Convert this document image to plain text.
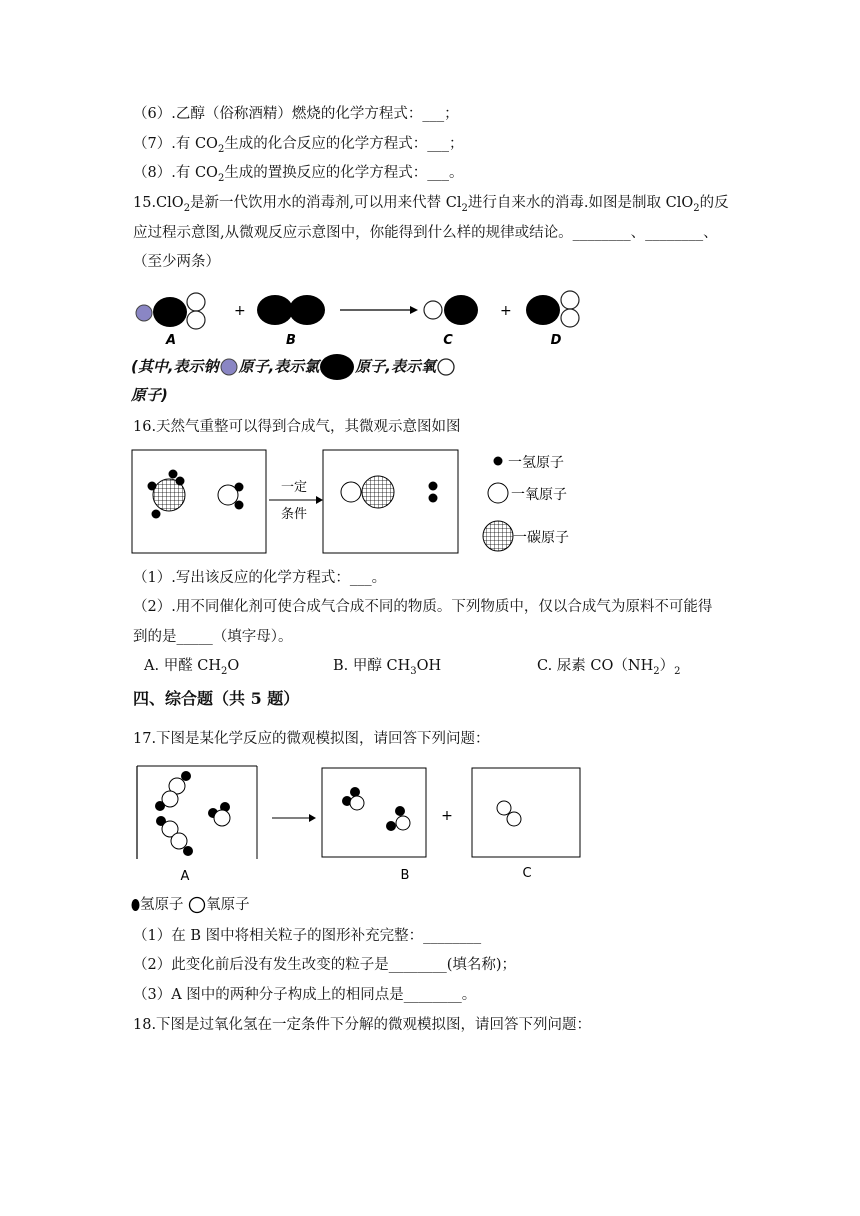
（6）.乙醇（俗称酒精）燃烧的化学方程式：___；
（7）.有 $CO_2$生成的化合反应的化学方程式：___；
（8）.有 $CO_2$生成的置换反应的化学方程式：___。
15.ClO$_2$是新一代饮用水的消毒剂,可以用来代替 $Cl_2$进行自来水的消毒.如图是制取 ClO$_2$的反
应过程示意图,从微观反应示意图中，你能得到什么样的规律或结论。________、________、
（至少两条）
+	+
A	B	C	D
(其中,表示钠 原子,表示氯 原子,表示氧
原子)
16.天然气重整可以得到合成气，其微观示意图如图
一定
条件
一氢原子
一氧原子
一碳原子
（1）.写出该反应的化学方程式：___。
（2）.用不同催化剂可使合成气合成不同的物质。下列物质中，仅以合成气为原料不可能得
到的是_____（填字母）。
A. 甲醛 $CH_2O$	B. 甲醇 $CH_3OH$	C. 尿素 $CO(NH_2)_2$
四、综合题（共 5 题）
17.下图是某化学反应的微观模拟图，请回答下列问题：
+
A	B	C
氢原子 氧原子
（1）在 B 图中将相关粒子的图形补充完整：________
（2）此变化前后没有发生改变的粒子是________(填名称)；
（3）A 图中的两种分子构成上的相同点是________。
18.下图是过氧化氢在一定条件下分解的微观模拟图，请回答下列问题：
